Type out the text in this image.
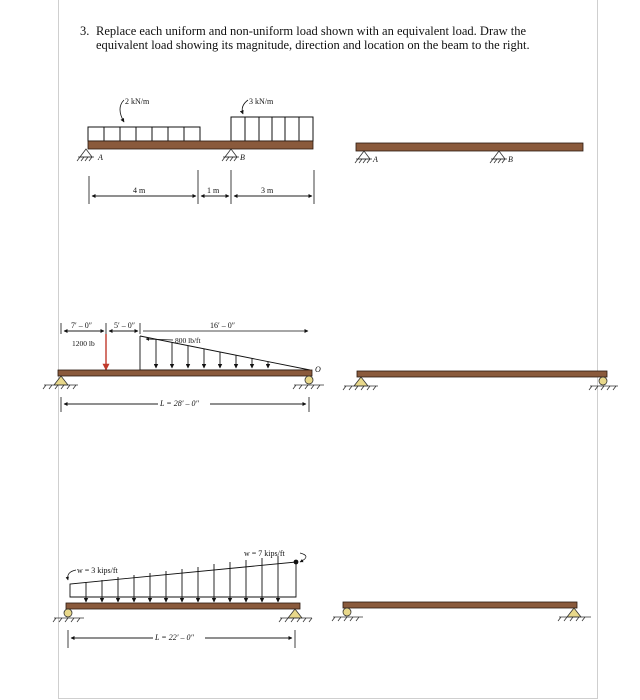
3. Replace each uniform and non-uniform load shown with an equivalent load. Draw the
equivalent load showing its magnitude, direction and location on the beam to the right.
2 kN/m	3 kN/m
A	B
4 m	1 m	3 m
A	B
7′ – 0″	5′ – 0″	16′ – 0″
1200 lb	800 lb/ft
O
L = 28′ – 0″
w = 3 kips/ft
w = 7 kips/ft
L = 22′ – 0″
